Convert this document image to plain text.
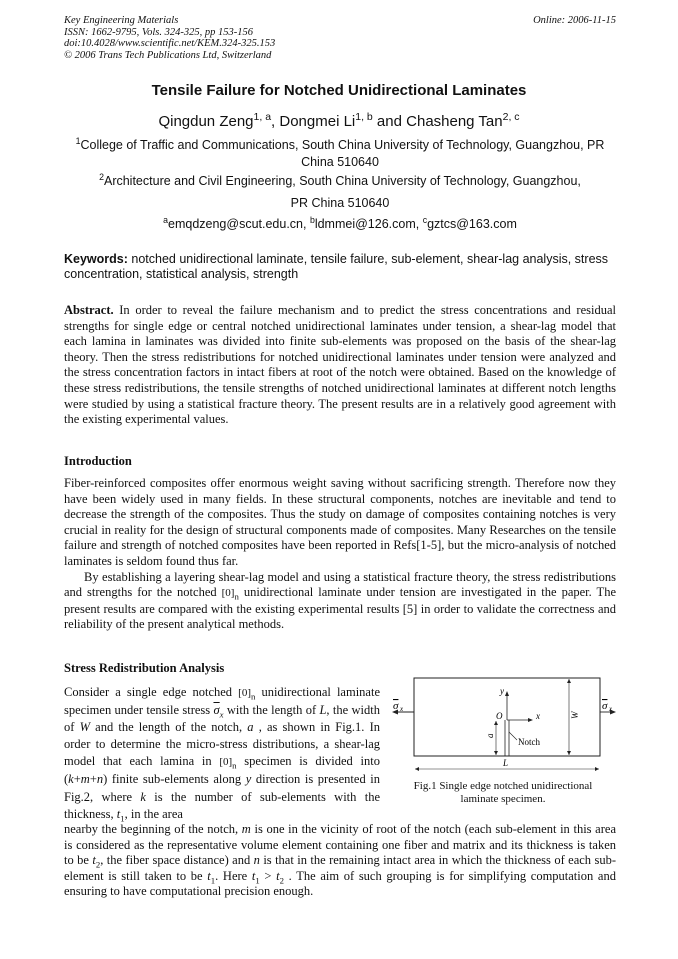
Key Engineering Materials
ISSN: 1662-9795, Vols. 324-325, pp 153-156
doi:10.4028/www.scientific.net/KEM.324-325.153
© 2006 Trans Tech Publications Ltd, Switzerland
Online: 2006-11-15
Tensile Failure for Notched Unidirectional Laminates
Qingdun Zeng$^{1, a}$, Dongmei Li$^{1, b}$ and Chasheng Tan$^{2, c}$
$^1$College of Traffic and Communications, South China University of Technology, Guangzhou, PR China 510640
$^2$Architecture and Civil Engineering, South China University of Technology, Guangzhou,
PR China 510640
$^a$emqdzeng@scut.edu.cn, $^b$ldmmei@126.com, $^c$gztcs@163.com
Keywords: notched unidirectional laminate, tensile failure, sub-element, shear-lag analysis, stress concentration, statistical analysis, strength
Abstract. In order to reveal the failure mechanism and to predict the stress concentrations and residual strengths for single edge or central notched unidirectional laminates under tension, a shear-lag model that each lamina in laminates was divided into finite sub-elements was proposed on the basis of the shear-lag theory. Then the stress redistributions for notched unidirectional laminates under tension were analyzed and the stress concentration factors in intact fibers at root of the notch were obtained. Based on the knowledge of these stress redistributions, the tensile strengths of notched unidirectional laminates at different notch lengths were studied by using a statistical fracture theory. The present results are in a relatively good agreement with the existing experimental values.
Introduction
Fiber-reinforced composites offer enormous weight saving without sacrificing strength. Therefore now they have been widely used in many fields. In these structural components, notches are inevitable and tend to decrease the strength of the composites. Thus the study on damage of composites containing notches is very crucial in reality for the design of structural components made of composites. Many Researches on the tensile failure and strength of notched composites have been reported in Refs[1-5], but the micro-analysis of notched laminates is seldom found thus far.
By establishing a layering shear-lag model and using a statistical fracture theory, the stress redistributions and strengths for the notched $[0]_n$ unidirectional laminate under tension are investigated in the paper. The present results are compared with the existing experimental results [5] in order to validate the correctness and reliability of the present analytical methods.
Stress Redistribution Analysis
Consider a single edge notched $[0]_n$ unidirectional laminate specimen under tensile stress $\overline{\sigma}_x$ with the length of L, the width of W and the length of the notch, a , as shown in Fig.1. In order to determine the micro-stress distributions, a shear-lag model that each lamina in $[0]_n$ specimen is divided into (k+m+n) finite sub-elements along y direction is presented in Fig.2, where k is the number of sub-elements with the thickness, $t_1$, in the area
σ x	σ x
y
x
O
Notch
a
W
L
Fig.1 Single edge notched unidirectional
laminate specimen.
nearby the beginning of the notch, m is one in the vicinity of root of the notch (each sub-element in this area is considered as the representative volume element containing one fiber and matrix and its thickness is taken to be $t_2$, the fiber space distance) and n is that in the remaining intact area in which the thickness of each sub-element is still taken to be $t_1$. Here $t_1 > t_2$ . The aim of such grouping is for simplifying computation and ensuring to have computational precision enough.
